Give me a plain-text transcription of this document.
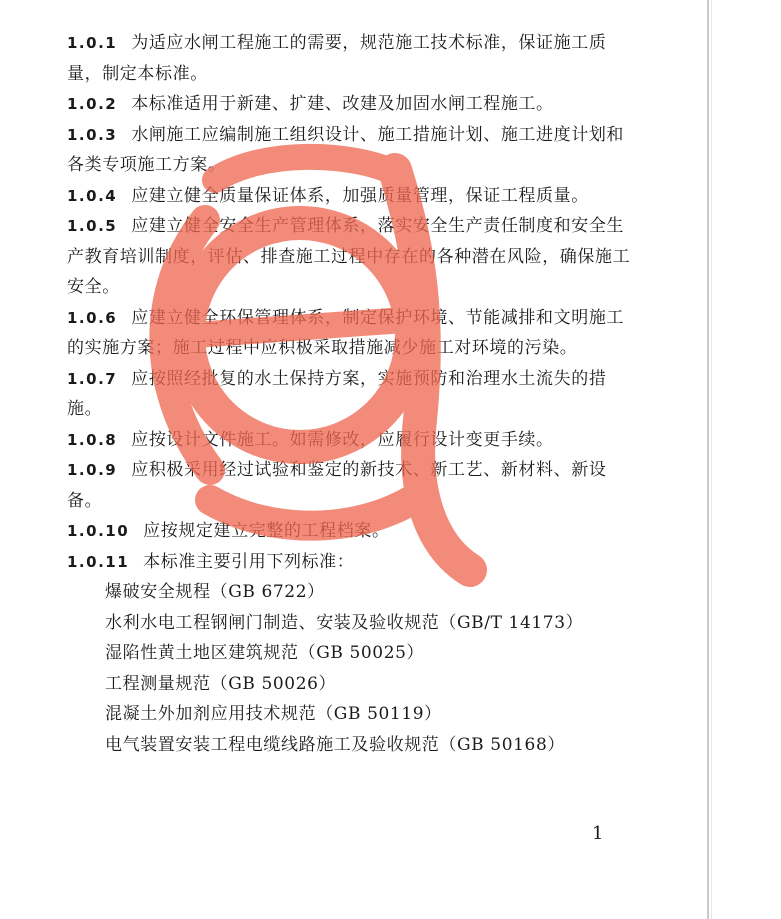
1.0.1 为适应水闸工程施工的需要，规范施工技术标准，保证施工质量，制定本标准。

1.0.2 本标准适用于新建、扩建、改建及加固水闸工程施工。

1.0.3 水闸施工应编制施工组织设计、施工措施计划、施工进度计划和各类专项施工方案。

1.0.4 应建立健全质量保证体系，加强质量管理，保证工程质量。

1.0.5 应建立健全安全生产管理体系，落实安全生产责任制度和安全生产教育培训制度，评估、排查施工过程中存在的各种潜在风险，确保施工安全。

1.0.6 应建立健全环保管理体系，制定保护环境、节能减排和文明施工的实施方案；施工过程中应积极采取措施减少施工对环境的污染。

1.0.7 应按照经批复的水土保持方案，实施预防和治理水土流失的措施。

1.0.8 应按设计文件施工。如需修改，应履行设计变更手续。

1.0.9 应积极采用经过试验和鉴定的新技术、新工艺、新材料、新设备。

1.0.10 应按规定建立完整的工程档案。

1.0.11 本标准主要引用下列标准：

爆破安全规程（GB 6722）
水利水电工程钢闸门制造、安装及验收规范（GB/T 14173）
湿陷性黄土地区建筑规范（GB 50025）
工程测量规范（GB 50026）
混凝土外加剂应用技术规范（GB 50119）
电气装置安装工程电缆线路施工及验收规范（GB 50168）
1
